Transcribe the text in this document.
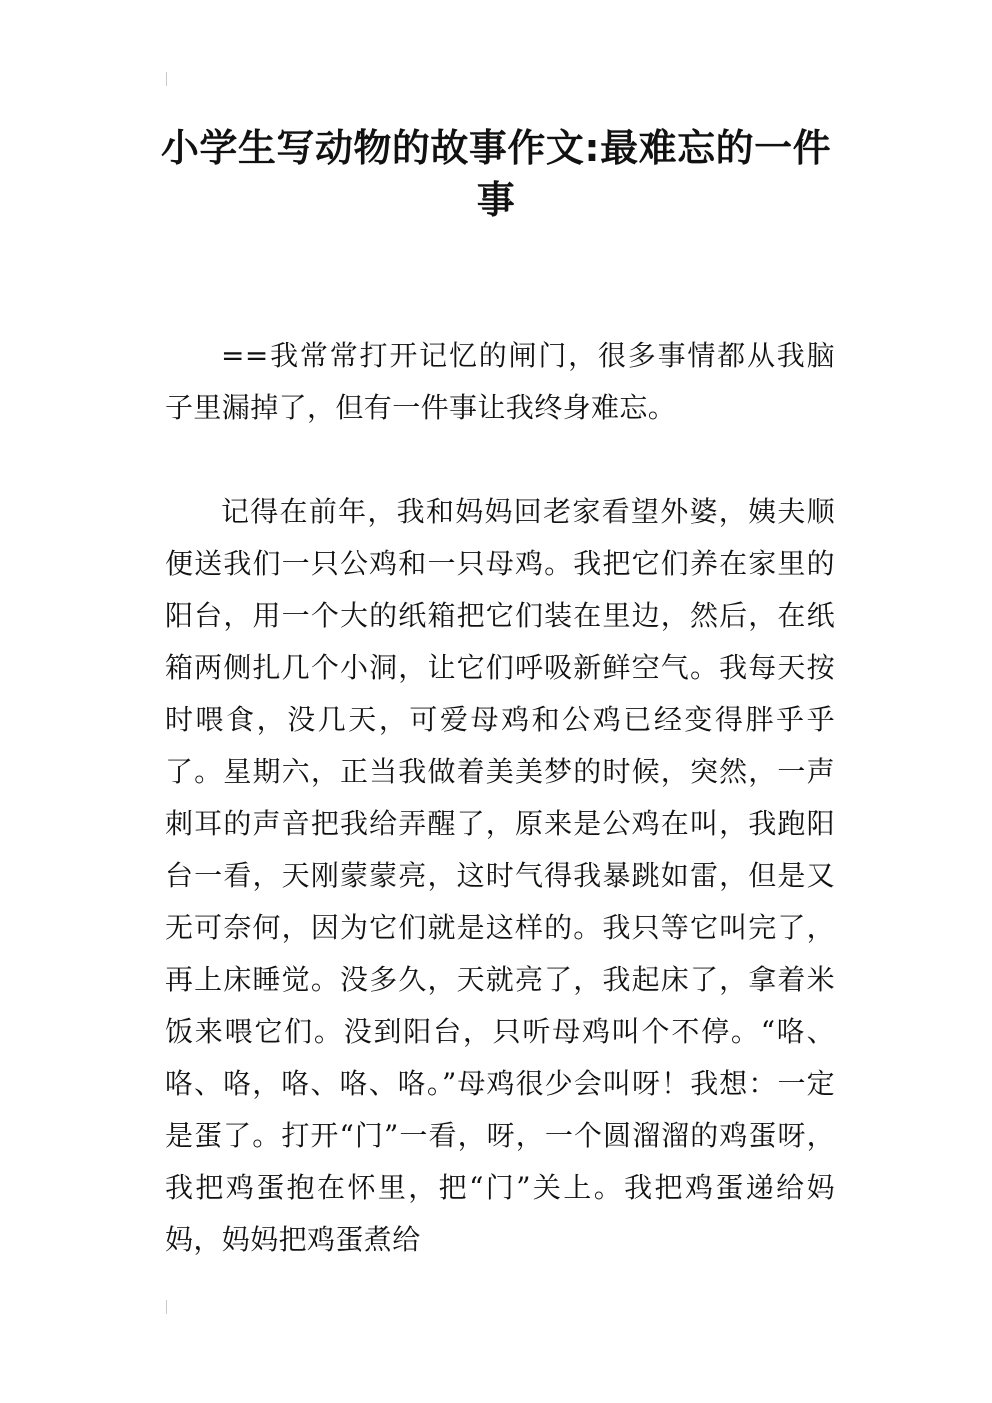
小学生写动物的故事作文:最难忘的一件事

==我常常打开记忆的闸门，很多事情都从我脑子里漏掉了，但有一件事让我终身难忘。

记得在前年，我和妈妈回老家看望外婆，姨夫顺便送我们一只公鸡和一只母鸡。我把它们养在家里的阳台，用一个大的纸箱把它们装在里边，然后，在纸箱两侧扎几个小洞，让它们呼吸新鲜空气。我每天按时喂食，没几天，可爱母鸡和公鸡已经变得胖乎乎了。星期六，正当我做着美美梦的时候，突然，一声刺耳的声音把我给弄醒了，原来是公鸡在叫，我跑阳台一看，天刚蒙蒙亮，这时气得我暴跳如雷，但是又无可奈何，因为它们就是这样的。我只等它叫完了，再上床睡觉。没多久，天就亮了，我起床了，拿着米饭来喂它们。没到阳台，只听母鸡叫个不停。“咯、咯、咯，咯、咯、咯。”母鸡很少会叫呀！我想：一定是蛋了。打开“门”一看，呀，一个圆溜溜的鸡蛋呀，我把鸡蛋抱在怀里，把“门”关上。我把鸡蛋递给妈妈，妈妈把鸡蛋煮给
